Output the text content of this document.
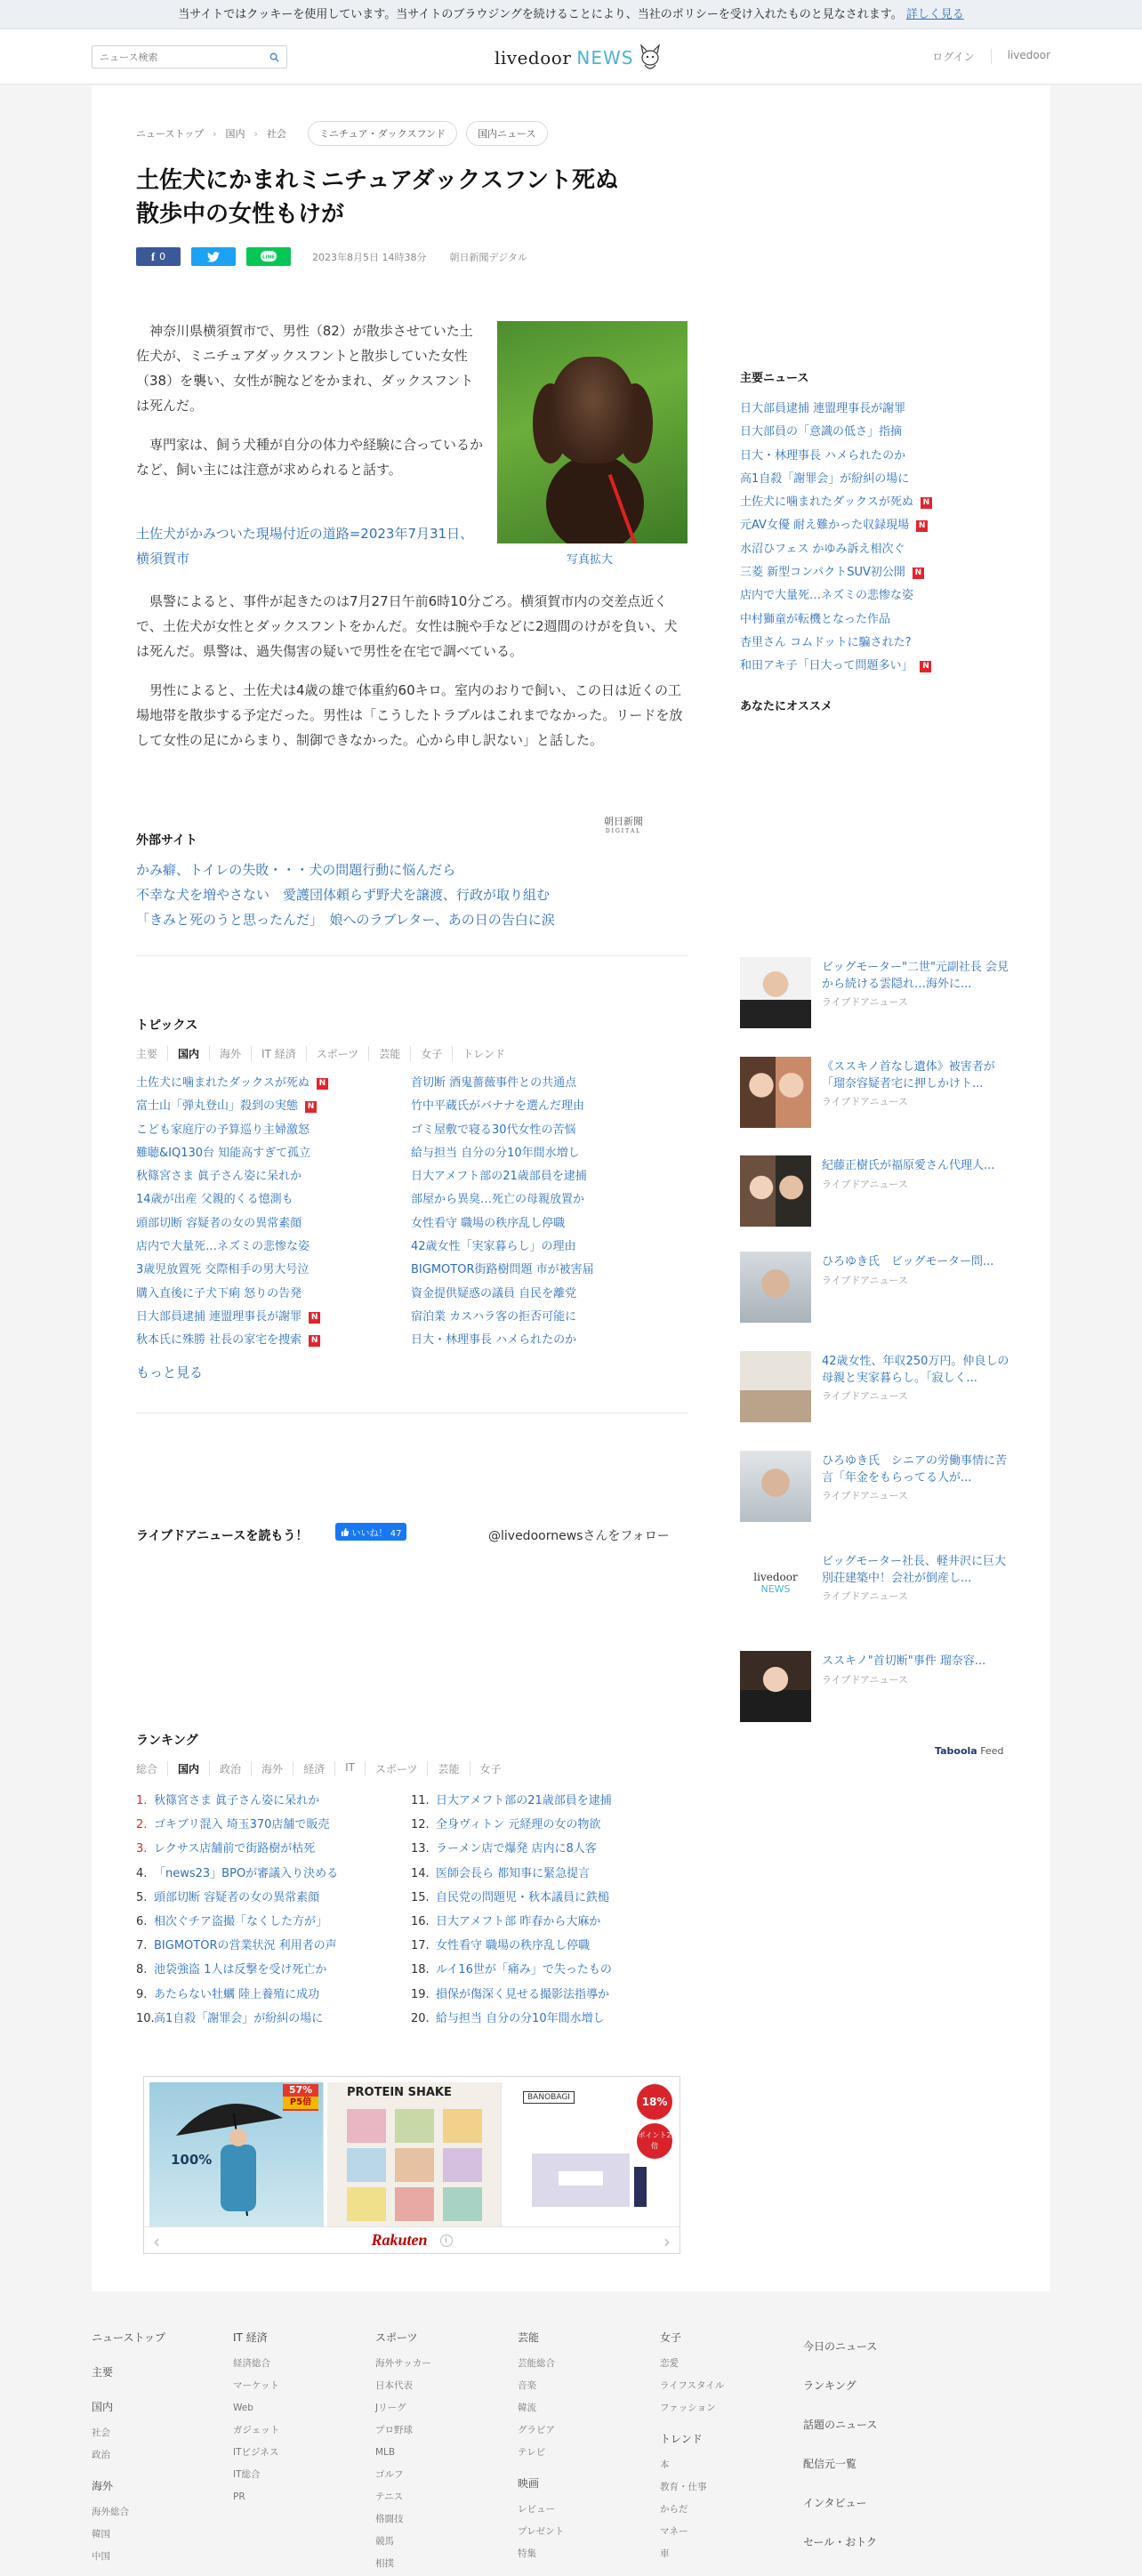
当サイトではクッキーを使用しています。当サイトのブラウジングを続けることにより、当社のポリシーを受け入れたものと見なされます。 詳しく見る
ニュース検索
livedoor NEWS	ログイン	livedoor
ニューストップ › 国内 › 社会	ミニチュア・ダックスフンド	国内ニュース
土佐犬にかまれミニチュアダックスフント死ぬ
散歩中の女性もけが
f 0	LINE	2023年8月5日 14時38分 朝日新聞デジタル

神奈川県横須賀市で、男性（82）が散歩させていた土佐犬が、ミニチュアダックスフントと散歩していた女性（38）を襲い、女性が腕などをかまれ、ダックスフントは死んだ。

専門家は、飼う犬種が自分の体力や経験に合っているかなど、飼い主には注意が求められると話す。

土佐犬がかみついた現場付近の道路=2023年7月31日、横須賀市	写真拡大

県警によると、事件が起きたのは7月27日午前6時10分ごろ。横須賀市内の交差点近くで、土佐犬が女性とダックスフントをかんだ。女性は腕や手などに2週間のけがを負い、犬は死んだ。県警は、過失傷害の疑いで男性を在宅で調べている。

男性によると、土佐犬は4歳の雄で体重約60キロ。室内のおりで飼い、この日は近くの工場地帯を散歩する予定だった。男性は「こうしたトラブルはこれまでなかった。リードを放して女性の足にからまり、制御できなかった。心から申し訳ない」と話した。

朝日新聞
DIGITAL
外部サイト
かみ癖、トイレの失敗・・・犬の問題行動に悩んだら
不幸な犬を増やさない　愛護団体頼らず野犬を譲渡、行政が取り組む
「きみと死のうと思ったんだ」　娘へのラブレター、あの日の告白に涙
トピックス
主要	国内	海外	IT 経済	スポーツ	芸能	女子	トレンド
土佐犬に噛まれたダックスが死ぬ N
富士山「弾丸登山」殺到の実態 N
こども家庭庁の予算巡り主婦激怒
難聴&IQ130台 知能高すぎて孤立
秋篠宮さま 眞子さん姿に呆れか
14歳が出産 父親的くる憶測も
頭部切断 容疑者の女の異常素顔
店内で大量死…ネズミの悲惨な姿
3歳児放置死 交際相手の男大号泣
購入直後に子犬下痢 怒りの告発
日大部員逮捕 連盟理事長が謝罪 N
秋本氏に殊勝 社長の家宅を捜索 N
首切断 酒鬼薔薇事件との共通点
竹中平蔵氏がバナナを選んだ理由
ゴミ屋敷で寝る30代女性の苦悩
給与担当 自分の分10年間水増し
日大アメフト部の21歳部員を逮捕
部屋から異臭…死亡の母親放置か
女性看守 職場の秩序乱し停職
42歳女性「実家暮らし」の理由
BIGMOTOR街路樹問題 市が被害届
資金提供疑惑の議員 自民を離党
宿泊業 カスハラ客の拒否可能に
日大・林理事長 ハメられたのか
もっと見る
ライブドアニュースを読もう！	いいね！ 47	@livedoornewsさんをフォロー
ランキング
総合	国内	政治	海外	経済	IT	スポーツ	芸能	女子
1. 秋篠宮さま 眞子さん姿に呆れか
2. ゴキブリ混入 埼玉370店舗で販売
3. レクサス店舗前で街路樹が枯死
4. 「news23」BPOが審議入り決める
5. 頭部切断 容疑者の女の異常素顔
6. 相次ぐチア盗撮「なくした方が」
7. BIGMOTORの営業状況 利用者の声
8. 池袋強盗 1人は反撃を受け死亡か
9. あたらない牡蠣 陸上養殖に成功
10.高1自殺「謝罪会」が紛糾の場に
11. 日大アメフト部の21歳部員を逮捕
12. 全身ヴィトン 元経理の女の物欲
13. ラーメン店で爆発 店内に8人客
14. 医師会長ら 都知事に緊急提言
15. 自民党の問題児・秋本議員に鉄槌
16. 日大アメフト部 昨春から大麻か
17. 女性看守 職場の秩序乱し停職
18. ルイ16世が「痛み」で失ったもの
19. 損保が傷深く見せる撮影法指導か
20. 給与担当 自分の分10年間水増し
57%
P5倍
100%
PROTEIN SHAKE	BANOBAGI	18%
ポイント2倍
‹	Rakuten	i	›
主要ニュース
日大部員逮捕 連盟理事長が謝罪
日大部員の「意識の低さ」指摘
日大・林理事長 ハメられたのか
高1自殺「謝罪会」が紛糾の場に
土佐犬に噛まれたダックスが死ぬ N
元AV女優 耐え難かった収録現場 N
水沼ひフェス かゆみ訴え相次ぐ
三菱 新型コンパクトSUV初公開 N
店内で大量死…ネズミの悲惨な姿
中村獅童が転機となった作品
杏里さん コムドットに騙された?
和田アキ子「日大って問題多い」 N
あなたにオススメ
ビッグモーター"二世"元副社長 会見から続ける雲隠れ…海外に...
ライブドアニュース
《ススキノ首なし遺体》被害者が「瑠奈容疑者宅に押しかけト...
ライブドアニュース
紀藤正樹氏が福原愛さん代理人...
ライブドアニュース
ひろゆき氏　ビッグモーター問...
ライブドアニュース
42歳女性、年収250万円。仲良しの母親と実家暮らし。「寂しく...
ライブドアニュース
ひろゆき氏　シニアの労働事情に苦言「年金をもらってる人が...
ライブドアニュース
livedoor
NEWS
ビッグモーター社長、軽井沢に巨大別荘建築中！会社が倒産し...
ライブドアニュース
ススキノ"首切断"事件 瑠奈容...
ライブドアニュース
Taboola Feed
ニューストップ
主要
国内
社会
政治
海外
海外総合
韓国
中国
IT 経済
経済総合
マーケット
Web
ガジェット
ITビジネス
IT総合
PR
スポーツ
海外サッカー
日本代表
Jリーグ
プロ野球
MLB
ゴルフ
テニス
格闘技
競馬
相撲
芸能
芸能総合
音楽
韓流
グラビア
テレビ
映画
レビュー
プレゼント
特集
女子
恋愛
ライフスタイル
ファッション
トレンド
本
教育・仕事
からだ
マネー
車
今日のニュース
ランキング
話題のニュース
配信元一覧
インタビュー
セール・おトク
